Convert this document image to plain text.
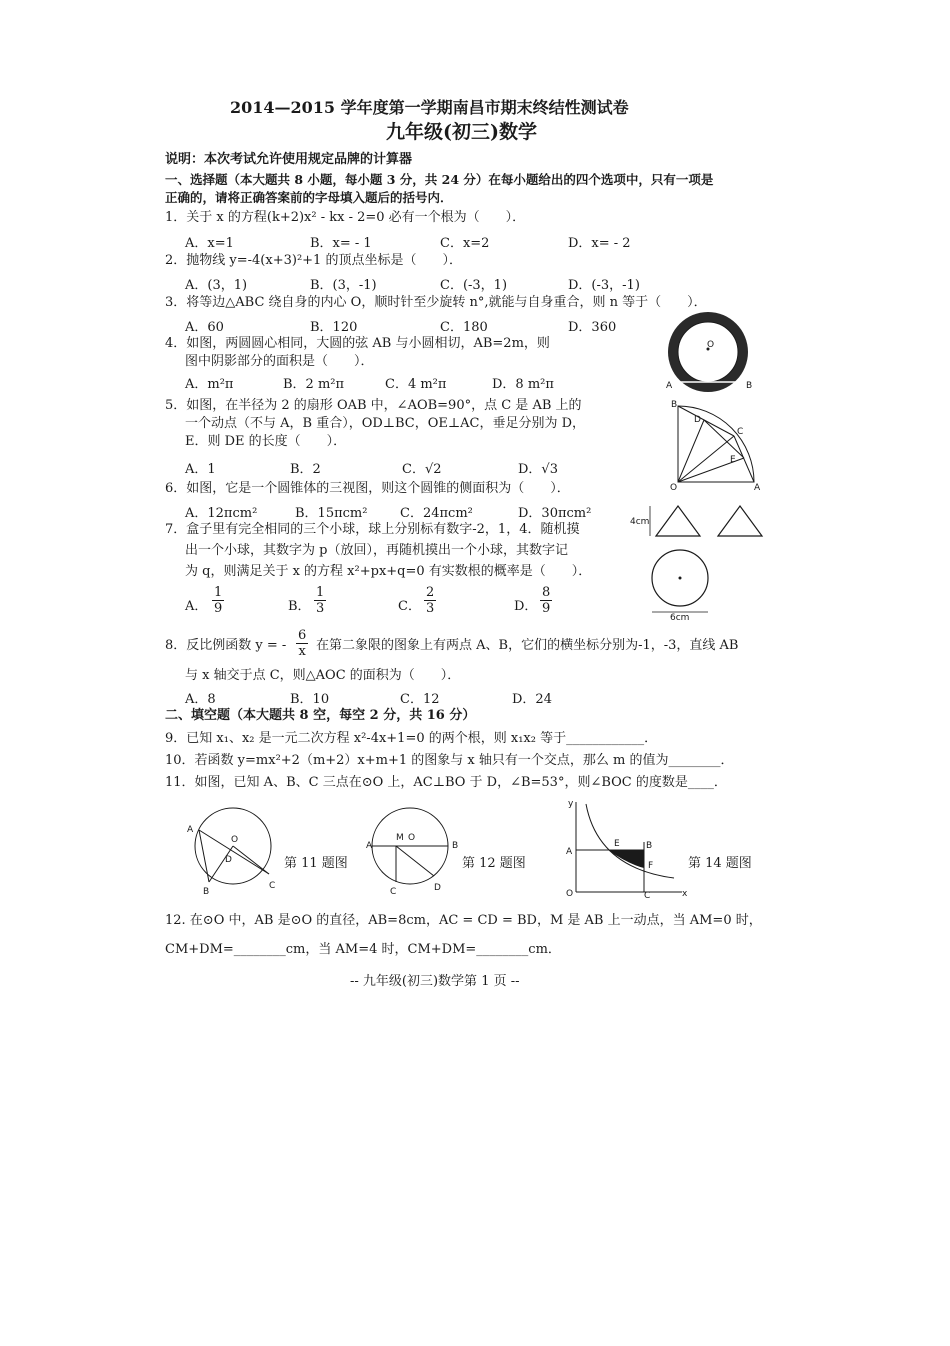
2014—2015 学年度第一学期南昌市期末终结性测试卷
九年级(初三)数学
说明：本次考试允许使用规定品牌的计算器
一、选择题（本大题共 8 小题，每小题 3 分，共 24 分）在每小题给出的四个选项中，只有一项是
正确的，请将正确答案前的字母填入题后的括号内．
1．关于 x 的方程(k+2)x² - kx - 2=0 必有一个根为（　　）．
A．x=1	B．x= - 1	C．x=2	D．x= - 2
2．抛物线 y=-4(x+3)²+1 的顶点坐标是（　　）．
A．(3，1)	B．(3，-1)	C．(-3，1)	D．(-3，-1)
3．将等边△ABC 绕自身的内心 O，顺时针至少旋转 n°,就能与自身重合，则 n 等于（　　）．
A．60	B．120	C．180	D．360
4．如图，两圆圆心相同，大圆的弦 AB 与小圆相切，AB=2m，则
图中阴影部分的面积是（　　）．
A．m²π	B．2 m²π	C．4 m²π	D．8 m²π
O
A	B
5．如图，在半径为 2 的扇形 OAB 中，∠AOB=90°，点 C 是 AB 上的
一个动点（不与 A，B 重合），OD⊥BC，OE⊥AC，垂足分别为 D，
E．则 DE 的长度（　　）．
A．1	B．2	C．√2	D．√3
B
D
C
E
O	A
6．如图，它是一个圆锥体的三视图，则这个圆锥的侧面积为（　　）．
A．12πcm²	B．15πcm²	C．24πcm²	D．30πcm²
4cm
6cm
7．盒子里有完全相同的三个小球，球上分别标有数字-2，1，4．随机摸
出一个小球，其数字为 p（放回），再随机摸出一个小球，其数字记
为 q，则满足关于 x 的方程 x²+px+q=0 有实数根的概率是（　　）．
A． $\frac{1}{9}$	B． $\frac{1}{3}$	C． $\frac{2}{3}$	D． $\frac{8}{9}$
8．反比例函数 y = - $\frac{6}{x}$ 在第二象限的图象上有两点 A、B，它们的横坐标分别为-1，-3，直线 AB
与 x 轴交于点 C，则△AOC 的面积为（　　）．
A．8	B．10	C．12	D．24
二、填空题（本大题共 8 空，每空 2 分，共 16 分）
9．已知 x₁、x₂ 是一元二次方程 x²-4x+1=0 的两个根，则 x₁x₂ 等于____________．
10．若函数 y=mx²+2（m+2）x+m+1 的图象与 x 轴只有一个交点，那么 m 的值为________．
11．如图，已知 A、B、C 三点在⊙O 上，AC⊥BO 于 D，∠B=53°，则∠BOC 的度数是____．
A
O
D
B
C
第 11 题图
A
M O
B
C	D
第 12 题图
y
x
O
A
E	B
F
C
第 14 题图
12. 在⊙O 中，AB 是⊙O 的直径，AB=8cm，AC = CD = BD，M 是 AB 上一动点，当 AM=0 时，
CM+DM=________cm，当 AM=4 时，CM+DM=________cm．
-- 九年级(初三)数学第 1 页 --
